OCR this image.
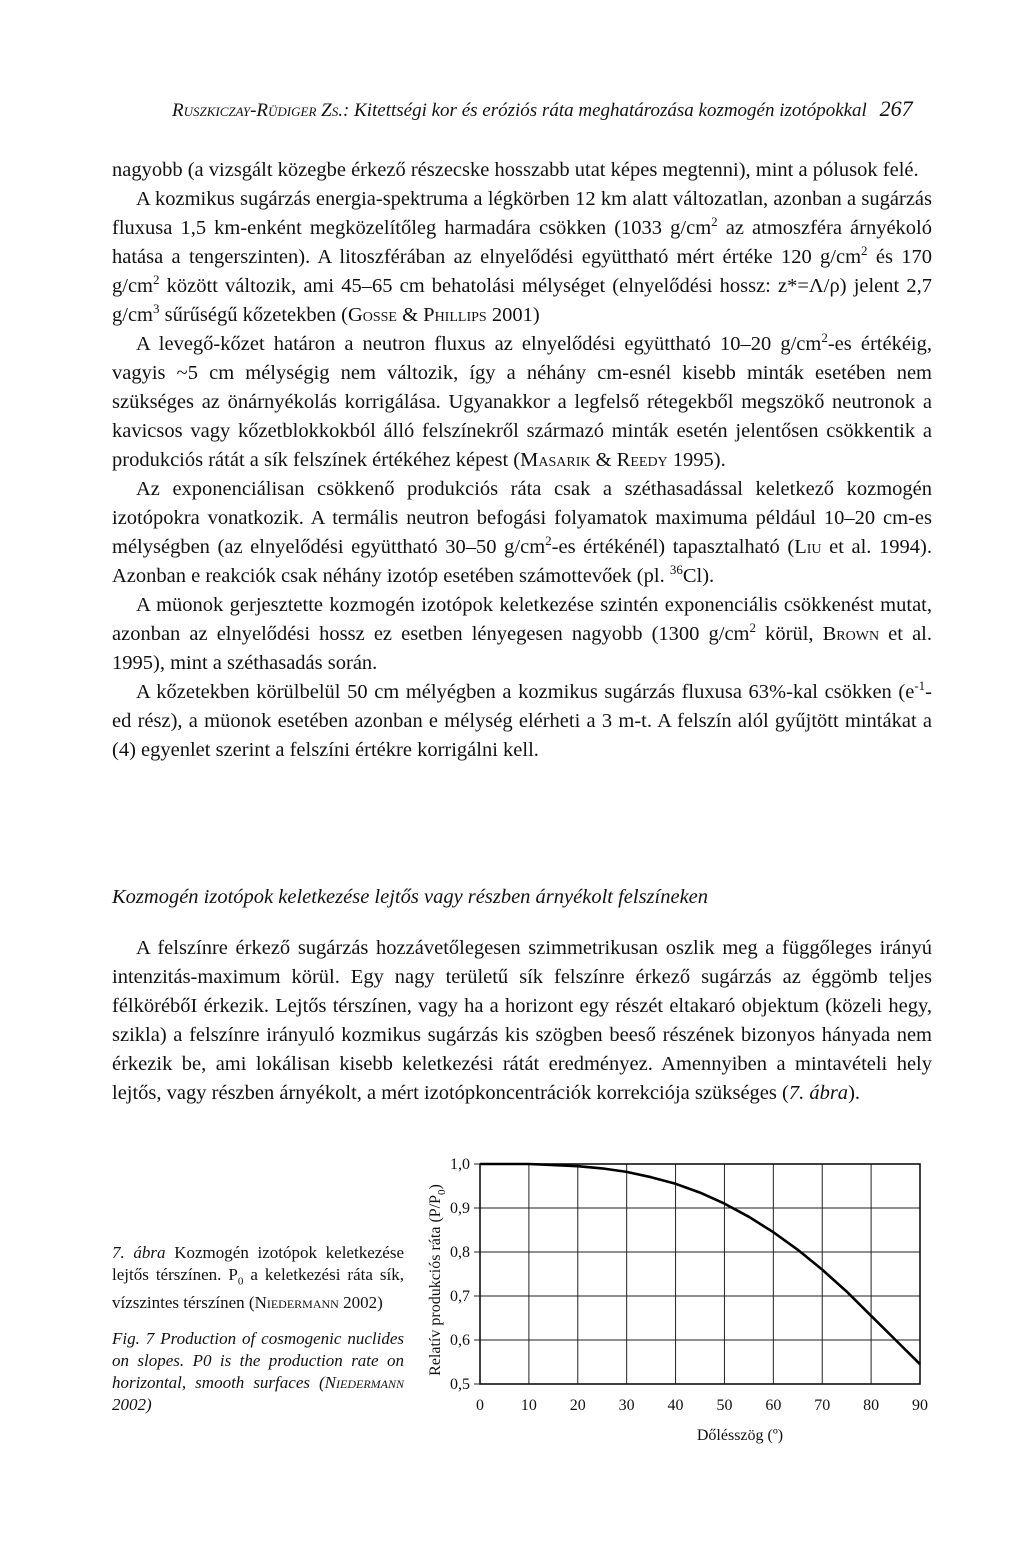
Ruszkiczay-Rüdiger Zs.: Kitettségi kor és eróziós ráta meghatározása kozmogén izotópokkal 267

nagyobb (a vizsgált közegbe érkező részecske hosszabb utat képes megtenni), mint a pólusok felé.

A kozmikus sugárzás energia-spektruma a légkörben 12 km alatt változatlan, azonban a sugárzás fluxusa 1,5 km-enként megközelítőleg harmadára csökken (1033 $g/cm^2$ az atmoszféra árnyékoló hatása a tengerszinten). A litoszférában az elnyelődési együttható mért értéke 120 $g/cm^2$ és 170 $g/cm^2$ között változik, ami 45–65 cm behatolási mélységet (elnyelődési hossz: z*=Λ/ρ) jelent 2,7 $g/cm^3$ sűrűségű kőzetekben (Gosse & Phillips 2001)

A levegő-kőzet határon a neutron fluxus az elnyelődési együttható 10–20 $g/cm^2-es$ értékéig, vagyis ~5 cm mélységig nem változik, így a néhány cm-esnél kisebb minták esetében nem szükséges az önárnyékolás korrigálása. Ugyanakkor a legfelső rétegekből megszökő neutronok a kavicsos vagy kőzetblokkokból álló felszínekről származó minták esetén jelentősen csökkentik a produkciós rátát a sík felszínek értékéhez képest (Masarik & Reedy 1995).

Az exponenciálisan csökkenő produkciós ráta csak a széthasadással keletkező kozmogén izotópokra vonatkozik. A termális neutron befogási folyamatok maximuma például 10–20 cm-es mélységben (az elnyelődési együttható 30–50 $g/cm^2-es$ értékénél) tapasztalható (Liu et al. 1994). Azonban e reakciók csak néhány izotóp esetében számottevőek (pl. $^{36}$Cl).

A müonok gerjesztette kozmogén izotópok keletkezése szintén exponenciális csökkenést mutat, azonban az elnyelődési hossz ez esetben lényegesen nagyobb (1300 $g/cm^2$ körül, Brown et al. 1995), mint a széthasadás során.

A kőzetekben körülbelül 50 cm mélyégben a kozmikus sugárzás fluxusa 63%-kal csökken ($e^{-1}-ed$ rész), a müonok esetében azonban e mélység elérheti a 3 m-t. A felszín alól gyűjtött mintákat a (4) egyenlet szerint a felszíni értékre korrigálni kell.

Kozmogén izotópok keletkezése lejtős vagy részben árnyékolt felszíneken

A felszínre érkező sugárzás hozzávetőlegesen szimmetrikusan oszlik meg a függőleges irányú intenzitás-maximum körül. Egy nagy területű sík felszínre érkező sugárzás az éggömb teljes félkörébőI érkezik. Lejtős térszínen, vagy ha a horizont egy részét eltakaró objektum (közeli hegy, szikla) a felszínre irányuló kozmikus sugárzás kis szögben beeső részének bizonyos hányada nem érkezik be, ami lokálisan kisebb keletkezési rátát eredményez. Amennyiben a mintavételi hely lejtős, vagy részben árnyékolt, a mért izotópkoncentrációk korrekciója szükséges (7. ábra).

7. ábra Kozmogén izotópok keletkezése lejtős térszínen. $P_0$ a keletkezési ráta sík, vízszintes térszínen (Niedermann 2002)

Fig. 7 Production of cosmogenic nuclides on slopes. P0 is the production rate on horizontal, smooth surfaces (Niedermann 2002)	0 10 20 30 40 50 60 70 80 90
0,5
0,6
0,7
0,8
0,9
1,0
Dőlésszög (º)
Relatív produkciós ráta $(P/P_0)$
